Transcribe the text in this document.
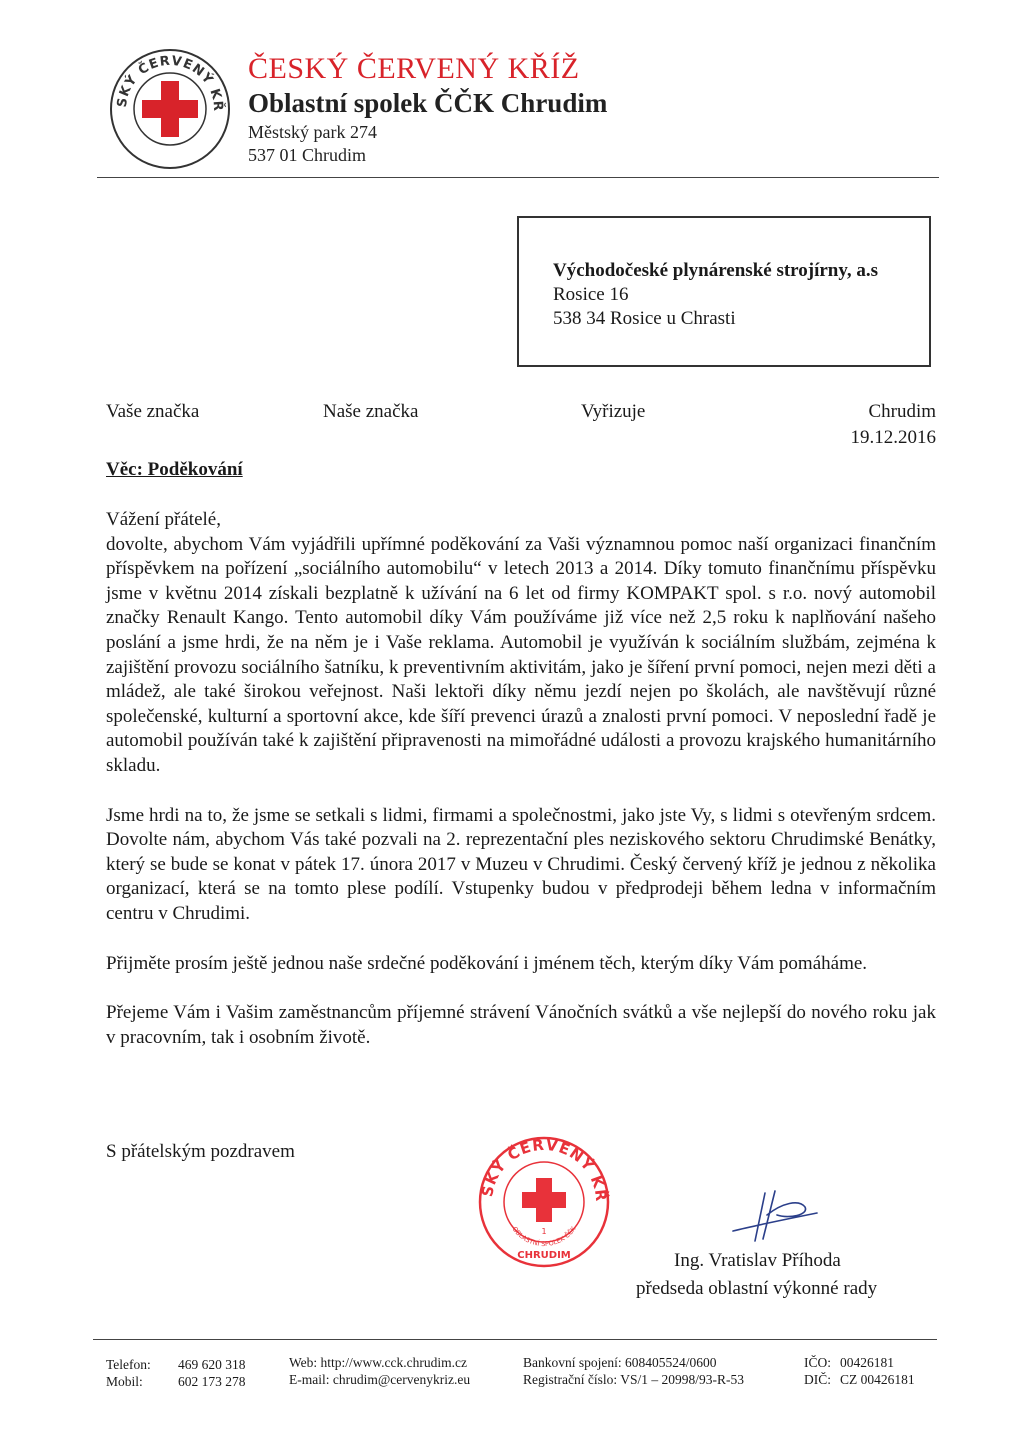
SKÝ ČERVENÝ KŘ
ČESKÝ ČERVENÝ KŘÍŽ
Oblastní spolek ČČK Chrudim
Městský park 274
537 01 Chrudim
Východočeské plynárenské strojírny, a.s
Rosice 16
538 34 Rosice u Chrasti
Vaše značka	Naše značka	Vyřizuje	Chrudim
19.12.2016
Věc: Poděkování

Vážení přátelé,

dovolte, abychom Vám vyjádřili upřímné poděkování za Vaši významnou pomoc naší organizaci finančním příspěvkem na pořízení „sociálního automobilu“ v letech 2013 a 2014. Díky tomuto finančnímu příspěvku jsme v květnu 2014 získali bezplatně k užívání na 6 let od firmy KOMPAKT spol. s r.o. nový automobil značky Renault Kango. Tento automobil díky Vám používáme již více než 2,5 roku k naplňování našeho poslání a jsme hrdi, že na něm je i Vaše reklama. Automobil je využíván k sociálním službám, zejména k zajištění provozu sociálního šatníku, k preventivním aktivitám, jako je šíření první pomoci, nejen mezi děti a mládež, ale také širokou veřejnost. Naši lektoři díky němu jezdí nejen po školách, ale navštěvují různé společenské, kulturní a sportovní akce, kde šíří prevenci úrazů a znalosti první pomoci. V neposlední řadě je automobil používán také k zajištění připravenosti na mimořádné události a provozu krajského humanitárního skladu.

Jsme hrdi na to, že jsme se setkali s lidmi, firmami a společnostmi, jako jste Vy, s lidmi s otevřeným srdcem. Dovolte nám, abychom Vás také pozvali na 2. reprezentační ples neziskového sektoru Chrudimské Benátky, který se bude se konat v pátek 17. února 2017 v Muzeu v Chrudimi. Český červený kříž je jednou z několika organizací, která se na tomto plese podílí. Vstupenky budou v předprodeji během ledna v informačním centru v Chrudimi.

Přijměte prosím ještě jednou naše srdečné poděkování i jménem těch, kterým díky Vám pomáháme.

Přejeme Vám i Vašim zaměstnancům příjemné strávení Vánočních svátků a vše nejlepší do nového roku jak v pracovním, tak i osobním životě.

S přátelským pozdravem
SKÝ ČERVENÝ KŘ
OBLASTNÍ SPOLEK ČČK
1
CHRUDIM	Ing. Vratislav Příhoda
předseda oblastní výkonné rady
Telefon: 469 620 318
Mobil:	602 173 278
Web: http://www.cck.chrudim.cz
E-mail: chrudim@cervenykriz.eu
Bankovní spojení: 608405524/0600
Registrační číslo: VS/1 – 20998/93-R-53
IČO: 00426181
DIČ: CZ 00426181
